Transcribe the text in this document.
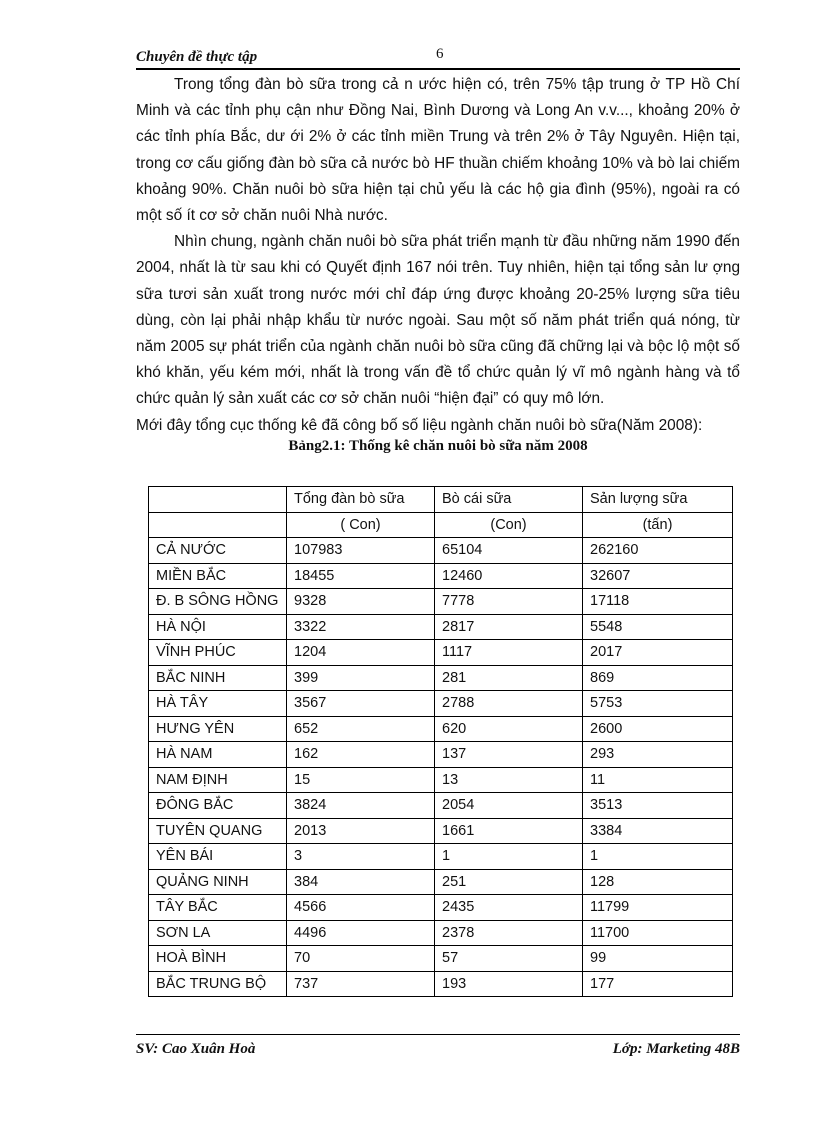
Chuyên đề thực tập	6

Trong tổng đàn bò sữa trong cả n ước hiện có, trên 75% tập trung ở TP Hồ Chí Minh và các tỉnh phụ cận như Đồng Nai, Bình Dương và Long An v.v..., khoảng 20% ở các tỉnh phía Bắc, dư ới 2% ở các tỉnh miền Trung và trên 2% ở Tây Nguyên. Hiện tại, trong cơ cấu giống đàn bò sữa cả nước bò HF thuần chiếm khoảng 10% và bò lai chiếm khoảng 90%. Chăn nuôi bò sữa hiện tại chủ yếu là các hộ gia đình (95%), ngoài ra có một số ít cơ sở chăn nuôi Nhà nước.

Nhìn chung, ngành chăn nuôi bò sữa phát triển mạnh từ đầu những năm 1990 đến 2004, nhất là từ sau khi có Quyết định 167 nói trên. Tuy nhiên, hiện tại tổng sản lư ợng sữa tươi sản xuất trong nước mới chỉ đáp ứng được khoảng 20-25% lượng sữa tiêu dùng, còn lại phải nhập khẩu từ nước ngoài. Sau một số năm phát triển quá nóng, từ năm 2005 sự phát triển của ngành chăn nuôi bò sữa cũng đã chững lại và bộc lộ một số khó khăn, yếu kém mới, nhất là trong vấn đề tổ chức quản lý vĩ mô ngành hàng và tổ chức quản lý sản xuất các cơ sở chăn nuôi “hiện đại” có quy mô lớn.

Mới đây tổng cục thống kê đã công bố số liệu ngành chăn nuôi bò sữa(Năm 2008):

Bảng2.1: Thống kê chăn nuôi bò sữa năm 2008
	Tổng đàn bò sữa	Bò cái sữa	Sản lượng sữa
	( Con)	(Con)	(tấn)
CẢ NƯỚC	107983	65104	262160
MIỀN BẮC	18455	12460	32607
Đ. B SÔNG HỒNG	9328	7778	17118
HÀ NỘI	3322	2817	5548
VĨNH PHÚC	1204	1117	2017
BẮC NINH	399	281	869
HÀ TÂY	3567	2788	5753
HƯNG YÊN	652	620	2600
HÀ NAM	162	137	293
NAM ĐỊNH	15	13	11
ĐÔNG BẮC	3824	2054	3513
TUYÊN QUANG	2013	1661	3384
YÊN BÁI	3	1	1
QUẢNG NINH	384	251	128
TÂY BẮC	4566	2435	11799
SƠN LA	4496	2378	11700
HOÀ BÌNH	70	57	99
BẮC TRUNG BỘ	737	193	177
SV: Cao Xuân Hoà	Lớp: Marketing 48B
